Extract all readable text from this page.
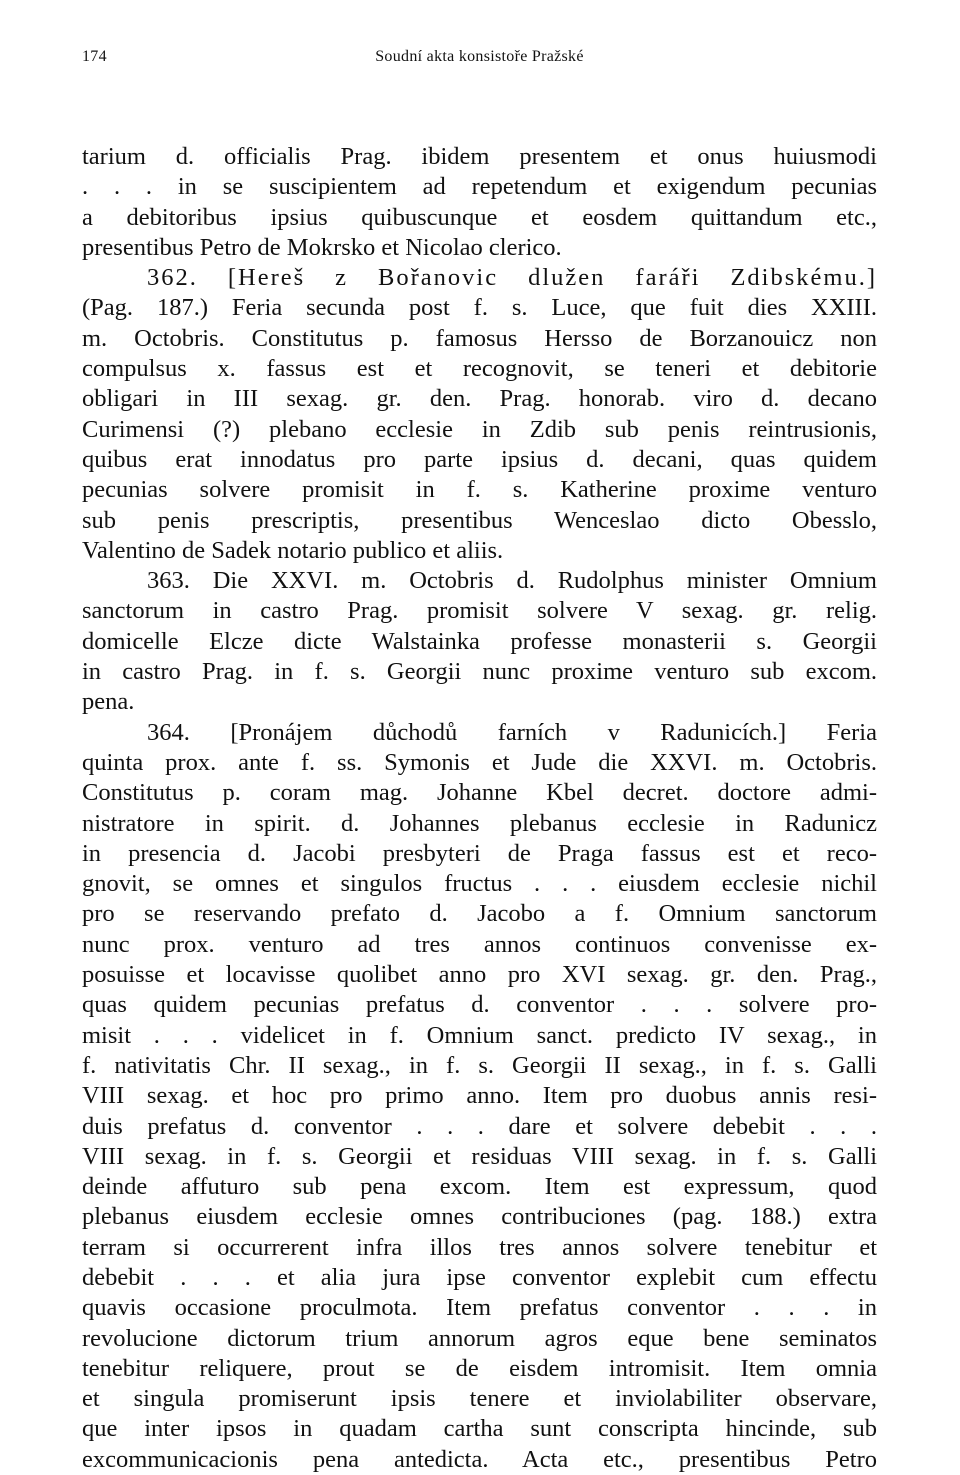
174	Soudní akta konsistoře Pražské

tarium d. officialis Prag. ibidem presentem et onus huiusmodi
. . . in se suscipientem ad repetendum et exigendum pecunias
a debitoribus ipsius quibuscunque et eosdem quittandum etc.,
presentibus Petro de Mokrsko et Nicolao clerico.

362. [Hereš z Bořanovic dlužen faráři Zdibskému.]
(Pag. 187.) Feria secunda post f. s. Luce, que fuit dies XXIII.
m. Octobris. Constitutus p. famosus Hersso de Borzanouicz non
compulsus x. fassus est et recognovit, se teneri et debitorie
obligari in III sexag. gr. den. Prag. honorab. viro d. decano
Curimensi (?) plebano ecclesie in Zdib sub penis reintrusionis,
quibus erat innodatus pro parte ipsius d. decani, quas quidem
pecunias solvere promisit in f. s. Katherine proxime venturo
sub penis prescriptis, presentibus Wenceslao dicto Obesslo,
Valentino de Sadek notario publico et aliis.

363. Die XXVI. m. Octobris d. Rudolphus minister Omnium
sanctorum in castro Prag. promisit solvere V sexag. gr. relig.
domicelle Elcze dicte Walstainka professe monasterii s. Georgii
in castro Prag. in f. s. Georgii nunc proxime venturo sub excom.
pena.

364. [Pronájem důchodů farních v Radunicích.] Feria
quinta prox. ante f. ss. Symonis et Jude die XXVI. m. Octobris.
Constitutus p. coram mag. Johanne Kbel decret. doctore admi-
nistratore in spirit. d. Johannes plebanus ecclesie in Radunicz
in presencia d. Jacobi presbyteri de Praga fassus est et reco-
gnovit, se omnes et singulos fructus . . . eiusdem ecclesie nichil
pro se reservando prefato d. Jacobo a f. Omnium sanctorum
nunc prox. venturo ad tres annos continuos convenisse ex-
posuisse et locavisse quolibet anno pro XVI sexag. gr. den. Prag.,
quas quidem pecunias prefatus d. conventor . . . solvere pro-
misit . . . videlicet in f. Omnium sanct. predicto IV sexag., in
f. nativitatis Chr. II sexag., in f. s. Georgii II sexag., in f. s. Galli
VIII sexag. et hoc pro primo anno. Item pro duobus annis resi-
duis prefatus d. conventor . . . dare et solvere debebit . . .
VIII sexag. in f. s. Georgii et residuas VIII sexag. in f. s. Galli
deinde affuturo sub pena excom. Item est expressum, quod
plebanus eiusdem ecclesie omnes contribuciones (pag. 188.) extra
terram si occurrerent infra illos tres annos solvere tenebitur et
debebit . . . et alia jura ipse conventor explebit cum effectu
quavis occasione proculmota. Item prefatus conventor . . . in
revolucione dictorum trium annorum agros eque bene seminatos
tenebitur reliquere, prout se de eisdem intromisit. Item omnia
et singula promiserunt ipsis tenere et inviolabiliter observare,
que inter ipsos in quadam cartha sunt conscripta hincinde, sub
excommunicacionis pena antedicta. Acta etc., presentibus Petro
